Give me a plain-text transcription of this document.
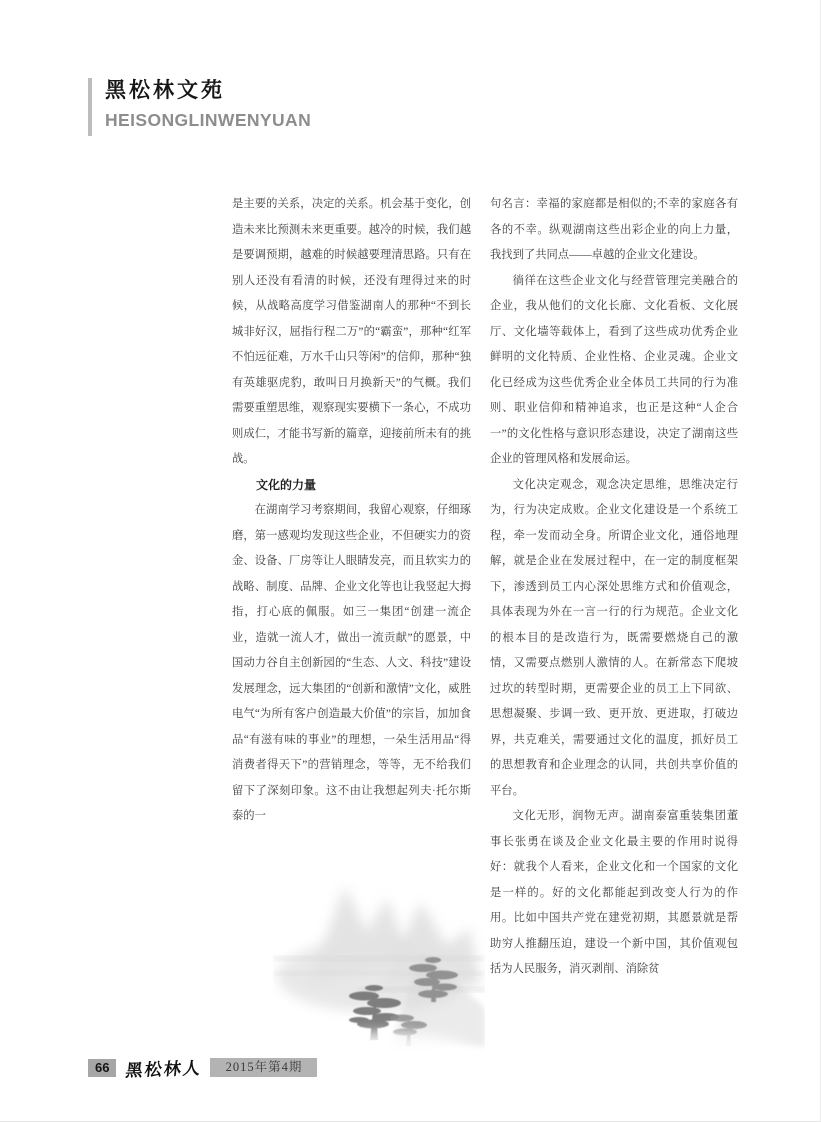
黑松林文苑
HEISONGLINWENYUAN

是主要的关系，决定的关系。机会基于变化，创造未来比预测未来更重要。越冷的时候，我们越是要调预期，越难的时候越要理清思路。只有在别人还没有看清的时候，还没有理得过来的时候，从战略高度学习借鉴湖南人的那种“不到长城非好汉，屈指行程二万”的“霸蛮”，那种“红军不怕远征难，万水千山只等闲”的信仰，那种“独有英雄驱虎豹，敢叫日月换新天”的气概。我们需要重塑思维，观察现实要横下一条心，不成功则成仁，才能书写新的篇章，迎接前所未有的挑战。

文化的力量

在湖南学习考察期间，我留心观察，仔细琢磨，第一感观均发现这些企业，不但硬实力的资金、设备、厂房等让人眼睛发亮，而且软实力的战略、制度、品牌、企业文化等也让我竖起大拇指，打心底的佩服。如三一集团“创建一流企业，造就一流人才，做出一流贡献”的愿景，中国动力谷自主创新园的“生态、人文、科技”建设发展理念，远大集团的“创新和激情”文化，威胜电气“为所有客户创造最大价值”的宗旨，加加食品“有滋有味的事业”的理想，一朵生活用品“得消费者得天下”的营销理念，等等，无不给我们留下了深刻印象。这不由让我想起列夫·托尔斯泰的一

句名言：幸福的家庭都是相似的;不幸的家庭各有各的不幸。纵观湖南这些出彩企业的向上力量，我找到了共同点——卓越的企业文化建设。

徜徉在这些企业文化与经营管理完美融合的企业，我从他们的文化长廊、文化看板、文化展厅、文化墙等载体上，看到了这些成功优秀企业鲜明的文化特质、企业性格、企业灵魂。企业文化已经成为这些优秀企业全体员工共同的行为准则、职业信仰和精神追求，也正是这种“人企合一”的文化性格与意识形态建设，决定了湖南这些企业的管理风格和发展命运。

文化决定观念，观念决定思维，思维决定行为，行为决定成败。企业文化建设是一个系统工程，牵一发而动全身。所谓企业文化，通俗地理解，就是企业在发展过程中，在一定的制度框架下，渗透到员工内心深处思维方式和价值观念，具体表现为外在一言一行的行为规范。企业文化的根本目的是改造行为，既需要燃烧自己的激情，又需要点燃别人激情的人。在新常态下爬坡过坎的转型时期，更需要企业的员工上下同欲、思想凝聚、步调一致、更开放、更进取，打破边界，共克难关，需要通过文化的温度，抓好员工的思想教育和企业理念的认同，共创共享价值的平台。

文化无形，润物无声。湖南泰富重装集团董事长张勇在谈及企业文化最主要的作用时说得好：就我个人看来，企业文化和一个国家的文化是一样的。好的文化都能起到改变人行为的作用。比如中国共产党在建党初期，其愿景就是帮助穷人推翻压迫，建设一个新中国，其价值观包括为人民服务，消灭剥削、消除贫

66 黑松林人	2015年第4期
